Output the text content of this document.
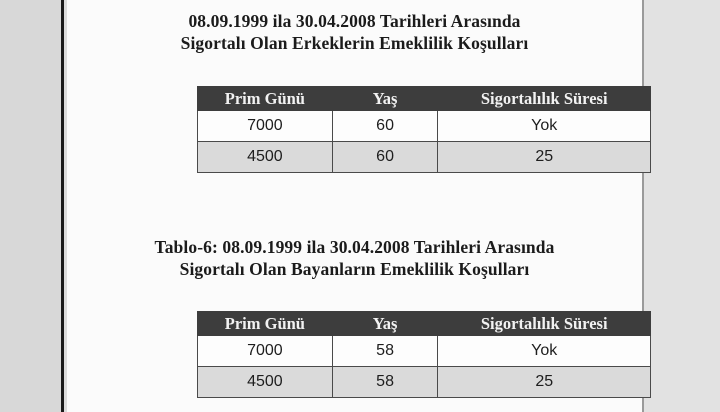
08.09.1999 ila 30.04.2008 Tarihleri Arasında
Sigortalı Olan Erkeklerin Emeklilik Koşulları
Prim Günü	Yaş	Sigortalılık Süresi
7000	60	Yok
4500	60	25
Tablo-6: 08.09.1999 ila 30.04.2008 Tarihleri Arasında
Sigortalı Olan Bayanların Emeklilik Koşulları
Prim Günü	Yaş	Sigortalılık Süresi
7000	58	Yok
4500	58	25
